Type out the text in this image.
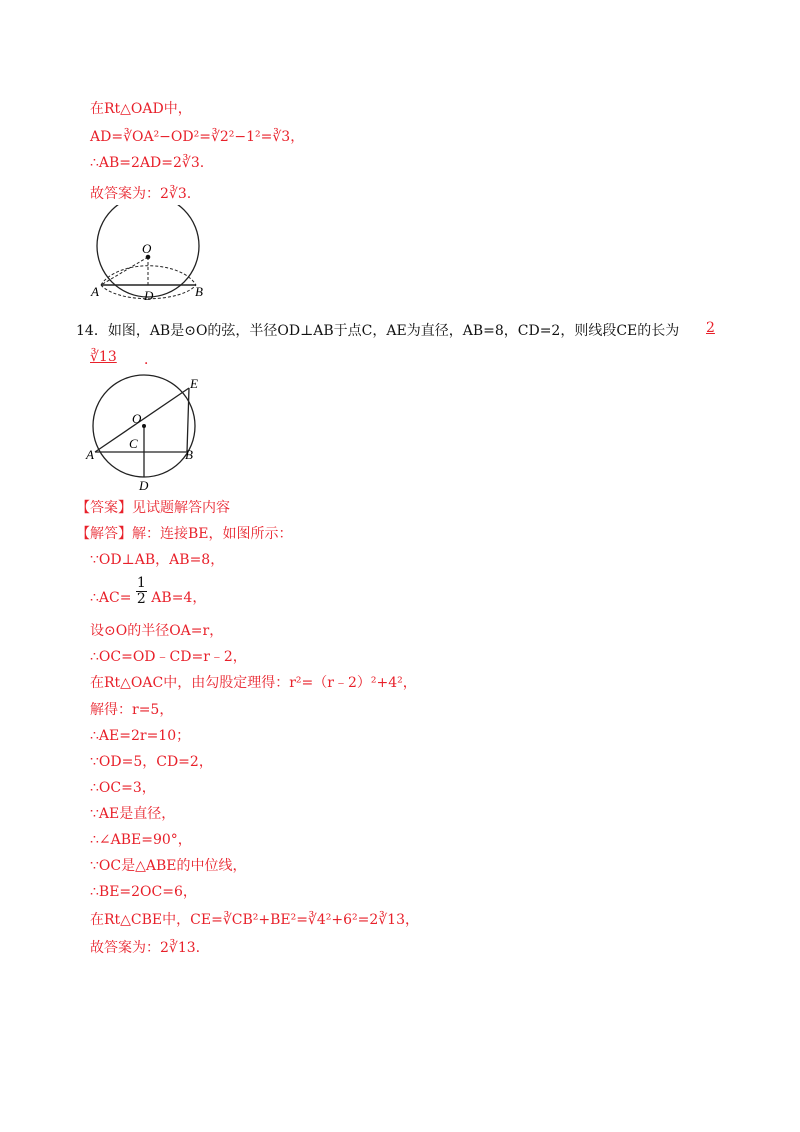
在Rt△OAD中，
AD=∛OA²−OD²=∛2²−1²=∛3，
∴AB=2AD=2∛3.
故答案为：2∛3.
O
A	D	B
14．如图，AB是⊙O的弦，半径OD⊥AB于点C，AE为直径，AB=8，CD=2，则线段CE的长为 2
∛13 ．
E
O
C
A	B
D
【答案】见试题解答内容
【解答】解：连接BE，如图所示：
∵OD⊥AB，AB=8，
∴AC= $\frac{1}{2} AB=4$，
设⊙O的半径OA=r，
∴OC=OD﹣CD=r﹣2，
在Rt△OAC中，由勾股定理得：r²=（r﹣2）²+4²，
解得：r=5，
∴AE=2r=10；
∵OD=5，CD=2，
∴OC=3，
∵AE是直径，
∴∠ABE=90°，
∵OC是△ABE的中位线，
∴BE=2OC=6，
在Rt△CBE中，CE=∛CB²+BE²=∛4²+6²=2∛13，
故答案为：2∛13.
